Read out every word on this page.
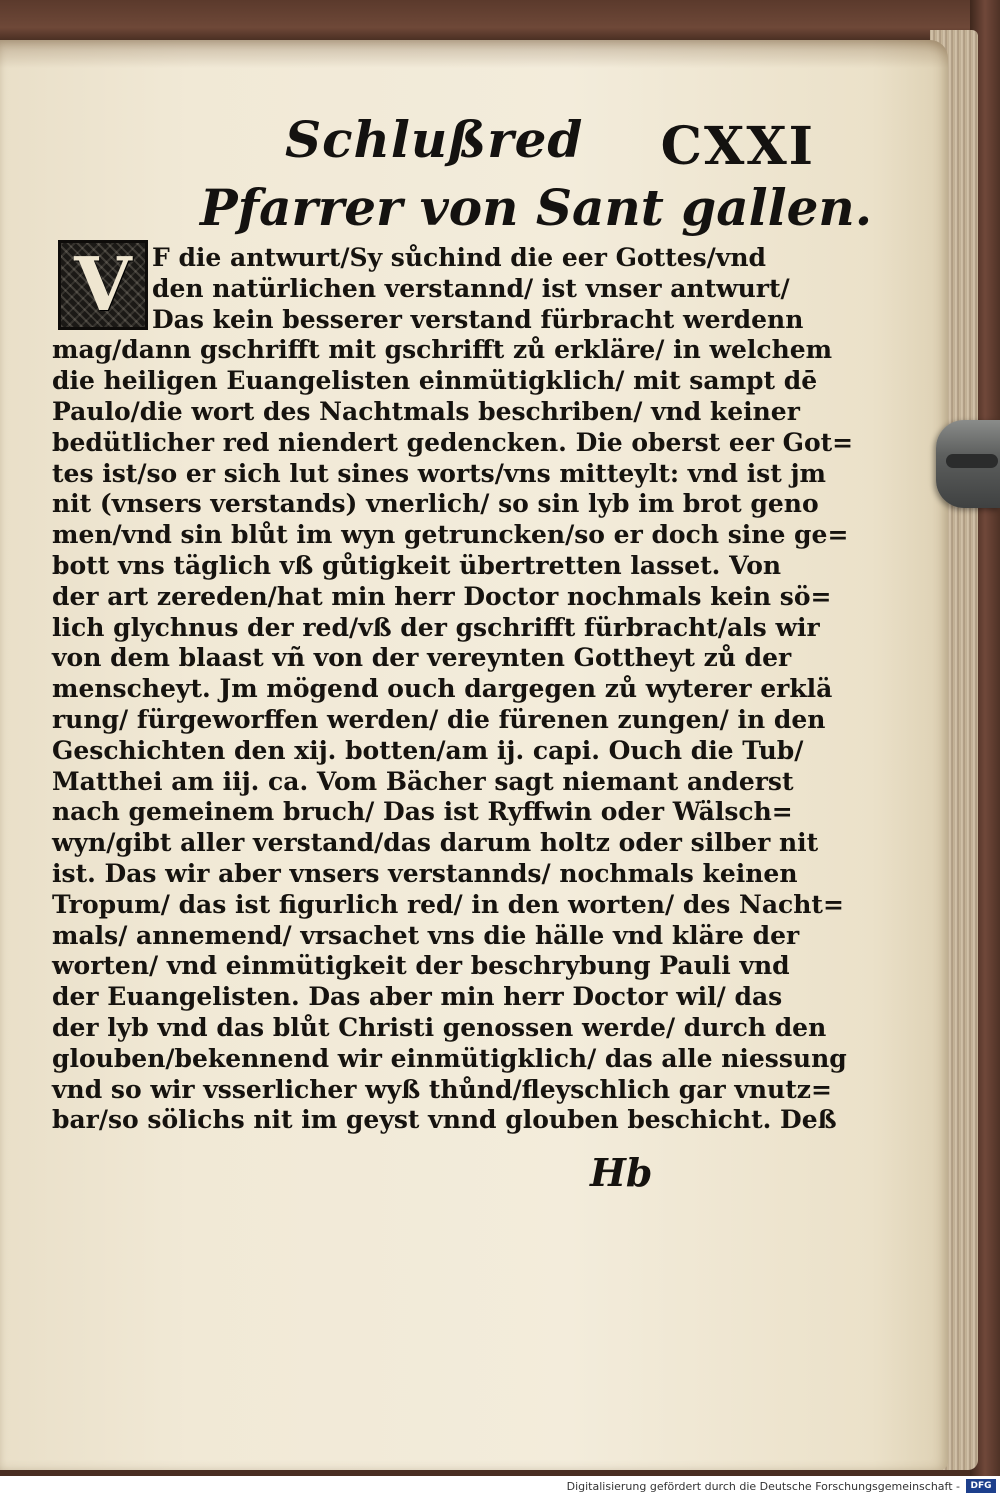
Schlußred CXXI
Pfarrer von Sant gallen.
V F die antwurt/Sy sůchind die eer Gottes/vnd
den natürlichen verstannd/ ist vnser antwurt/
Das kein besserer verstand fürbracht werdenn
mag/dann gschrifft mit gschrifft zů erkläre/ in welchem
die heiligen Euangelisten einmütigklich/ mit sampt dē
Paulo/die wort des Nachtmals beschriben/ vnd keiner
bedütlicher red niendert gedencken. Die oberst eer Got=
tes ist/so er sich lut sines worts/vns mitteylt: vnd ist jm
nit (vnsers verstands) vnerlich/ so sin lyb im brot geno
men/vnd sin blůt im wyn getruncken/so er doch sine ge=
bott vns täglich vß gůtigkeit übertretten lasset. Von
der art zereden/hat min herr Doctor nochmals kein sö=
lich glychnus der red/vß der gschrifft fürbracht/als wir
von dem blaast vñ von der vereynten Gottheyt zů der
menscheyt. Jm mögend ouch dargegen zů wyterer erklä
rung/ fürgeworffen werden/ die fürenen zungen/ in den
Geschichten den xij. botten/am ij. capi. Ouch die Tub/
Matthei am iij. ca. Vom Bächer sagt niemant anderst
nach gemeinem bruch/ Das ist Ryffwin oder Wälsch=
wyn/gibt aller verstand/das darum holtz oder silber nit
ist. Das wir aber vnsers verstannds/ nochmals keinen
Tropum/ das ist figurlich red/ in den worten/ des Nacht=
mals/ annemend/ vrsachet vns die hälle vnd kläre der
worten/ vnd einmütigkeit der beschrybung Pauli vnd
der Euangelisten. Das aber min herr Doctor wil/ das
der lyb vnd das blůt Christi genossen werde/ durch den
glouben/bekennend wir einmütigklich/ das alle niessung
vnd so wir vsserlicher wyß thůnd/fleyschlich gar vnutz=
bar/so sölichs nit im geyst vnnd glouben beschicht. Deß
Hb
Digitalisierung gefördert durch die Deutsche Forschungsgemeinschaft -	DFG
